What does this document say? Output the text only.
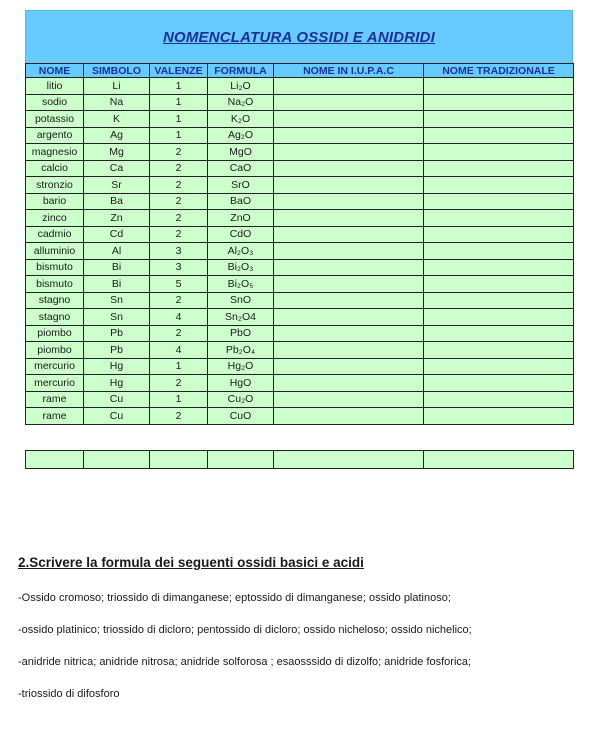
NOMENCLATURA OSSIDI E ANIDRIDI
NOME	SIMBOLO	VALENZE	FORMULA	NOME IN I.U.P.A.C	NOME TRADIZIONALE
litio	Li	1	Li₂O		
sodio	Na	1	Na₂O		
potassio	K	1	K₂O		
argento	Ag	1	Ag₂O		
magnesio	Mg	2	MgO		
calcio	Ca	2	CaO		
stronzio	Sr	2	SrO		
bario	Ba	2	BaO		
zinco	Zn	2	ZnO		
cadmio	Cd	2	CdO		
alluminio	Al	3	Al₂O₃		
bismuto	Bi	3	Bi₂O₃		
bismuto	Bi	5	Bi₂O₅		
stagno	Sn	2	SnO		
stagno	Sn	4	Sn₂O4		
piombo	Pb	2	PbO		
piombo	Pb	4	Pb₂O₄		
mercurio	Hg	1	Hg₂O		
mercurio	Hg	2	HgO		
rame	Cu	1	Cu₂O		
rame	Cu	2	CuO		

2.Scrivere la formula dei seguenti ossidi basici e acidi
-Ossido cromoso; triossido di dimanganese; eptossido di dimanganese; ossido platinoso;
-ossido platinico; triossido di dicloro; pentossido di dicloro; ossido nicheloso; ossido nichelico;
-anidride nitrica; anidride nitrosa; anidride solforosa ; esaosssido di dizolfo; anidride fosforica;
-triossido di difosforo
